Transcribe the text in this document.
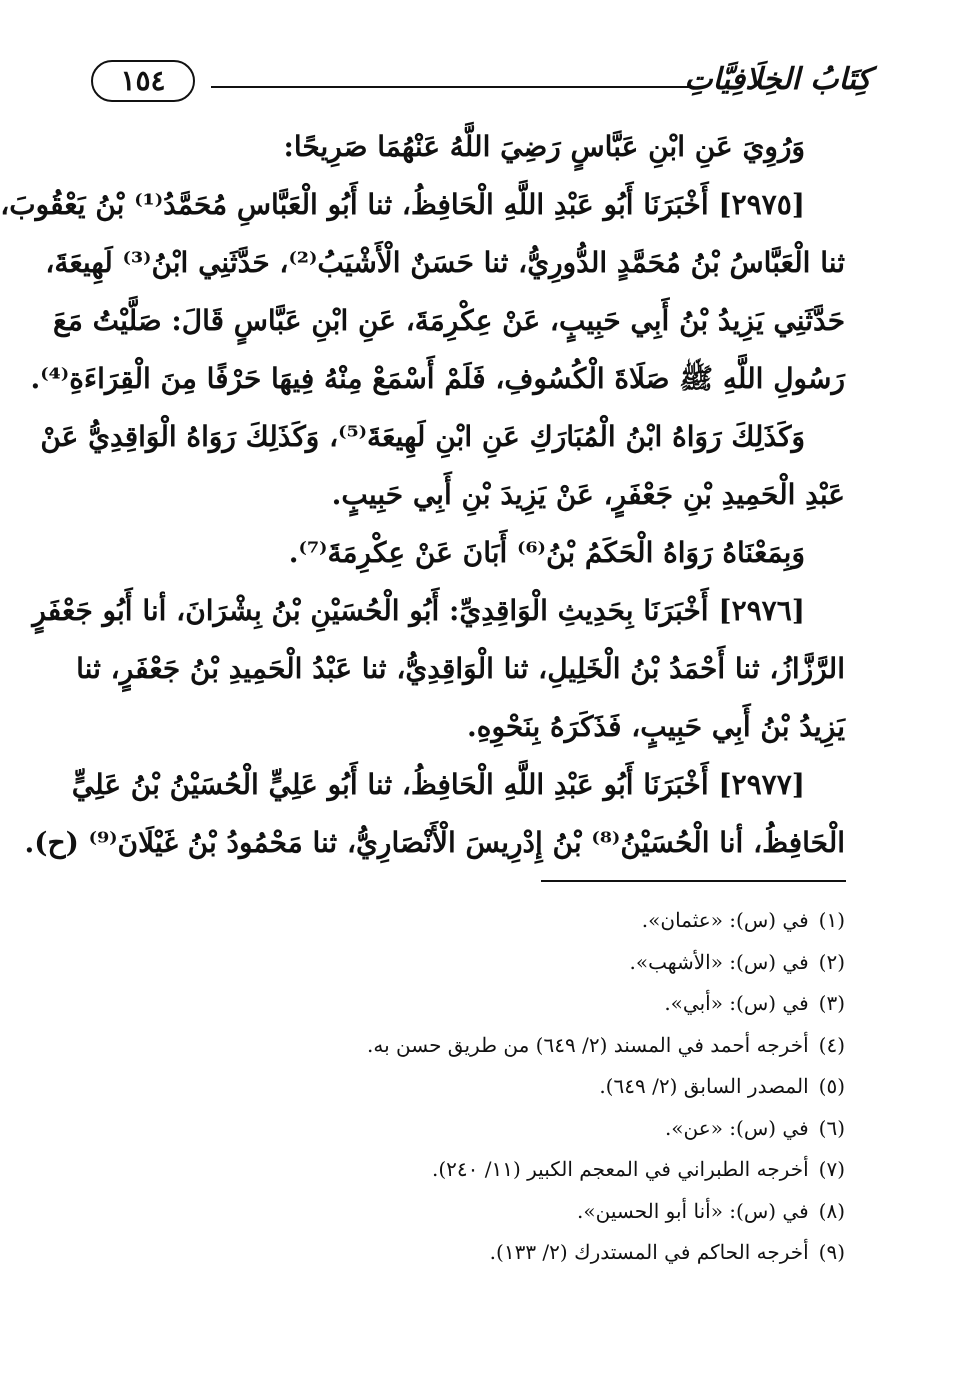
كِتَابُ الخِلَافِيَّاتِ
١٥٤
وَرُوِيَ عَنِ ابْنِ عَبَّاسٍ رَضِيَ اللَّهُ عَنْهُمَا صَرِيحًا:
[٢٩٧٥] أَخْبَرَنَا أَبُو عَبْدِ اللَّهِ الْحَافِظُ، ثنا أَبُو الْعَبَّاسِ مُحَمَّدُ⁽¹⁾ بْنُ يَعْقُوبَ،
ثنا الْعَبَّاسُ بْنُ مُحَمَّدٍ الدُّورِيُّ، ثنا حَسَنٌ الْأَشْيَبُ⁽²⁾، حَدَّثَنِي ابْنُ⁽³⁾ لَهِيعَةَ،
حَدَّثَنِي يَزِيدُ بْنُ أَبِي حَبِيبٍ، عَنْ عِكْرِمَةَ، عَنِ ابْنِ عَبَّاسٍ قَالَ: صَلَّيْتُ مَعَ
رَسُولِ اللَّهِ ﷺ صَلَاةَ الْكُسُوفِ، فَلَمْ أَسْمَعْ مِنْهُ فِيهَا حَرْفًا مِنَ الْقِرَاءَةِ⁽⁴⁾.
وَكَذَلِكَ رَوَاهُ ابْنُ الْمُبَارَكِ عَنِ ابْنِ لَهِيعَةَ⁽⁵⁾، وَكَذَلِكَ رَوَاهُ الْوَاقِدِيُّ عَنْ
عَبْدِ الْحَمِيدِ بْنِ جَعْفَرٍ، عَنْ يَزِيدَ بْنِ أَبِي حَبِيبٍ.
وَبِمَعْنَاهُ رَوَاهُ الْحَكَمُ بْنُ⁽⁶⁾ أَبَانَ عَنْ عِكْرِمَةَ⁽⁷⁾.
[٢٩٧٦] أَخْبَرَنَا بِحَدِيثِ الْوَاقِدِيِّ: أَبُو الْحُسَيْنِ بْنُ بِشْرَانَ، أنا أَبُو جَعْفَرٍ
الرَّزَّازُ، ثنا أَحْمَدُ بْنُ الْخَلِيلِ، ثنا الْوَاقِدِيُّ، ثنا عَبْدُ الْحَمِيدِ بْنُ جَعْفَرٍ، ثنا
يَزِيدُ بْنُ أَبِي حَبِيبٍ، فَذَكَرَهُ بِنَحْوِهِ.
[٢٩٧٧] أَخْبَرَنَا أَبُو عَبْدِ اللَّهِ الْحَافِظُ، ثنا أَبُو عَلِيٍّ الْحُسَيْنُ بْنُ عَلِيٍّ
الْحَافِظُ، أنا الْحُسَيْنُ⁽⁸⁾ بْنُ إِدْرِيسَ الْأَنْصَارِيُّ، ثنا مَحْمُودُ بْنُ غَيْلَانَ⁽⁹⁾ (ح).
(١) في (س): «عثمان».
(٢) في (س): «الأشهب».
(٣) في (س): «أبي».
(٤) أخرجه أحمد في المسند (٢/ ٦٤٩) من طريق حسن به.
(٥) المصدر السابق (٢/ ٦٤٩).
(٦) في (س): «عن».
(٧) أخرجه الطبراني في المعجم الكبير (١١/ ٢٤٠).
(٨) في (س): «أنا أبو الحسين».
(٩) أخرجه الحاكم في المستدرك (٢/ ١٣٣).
